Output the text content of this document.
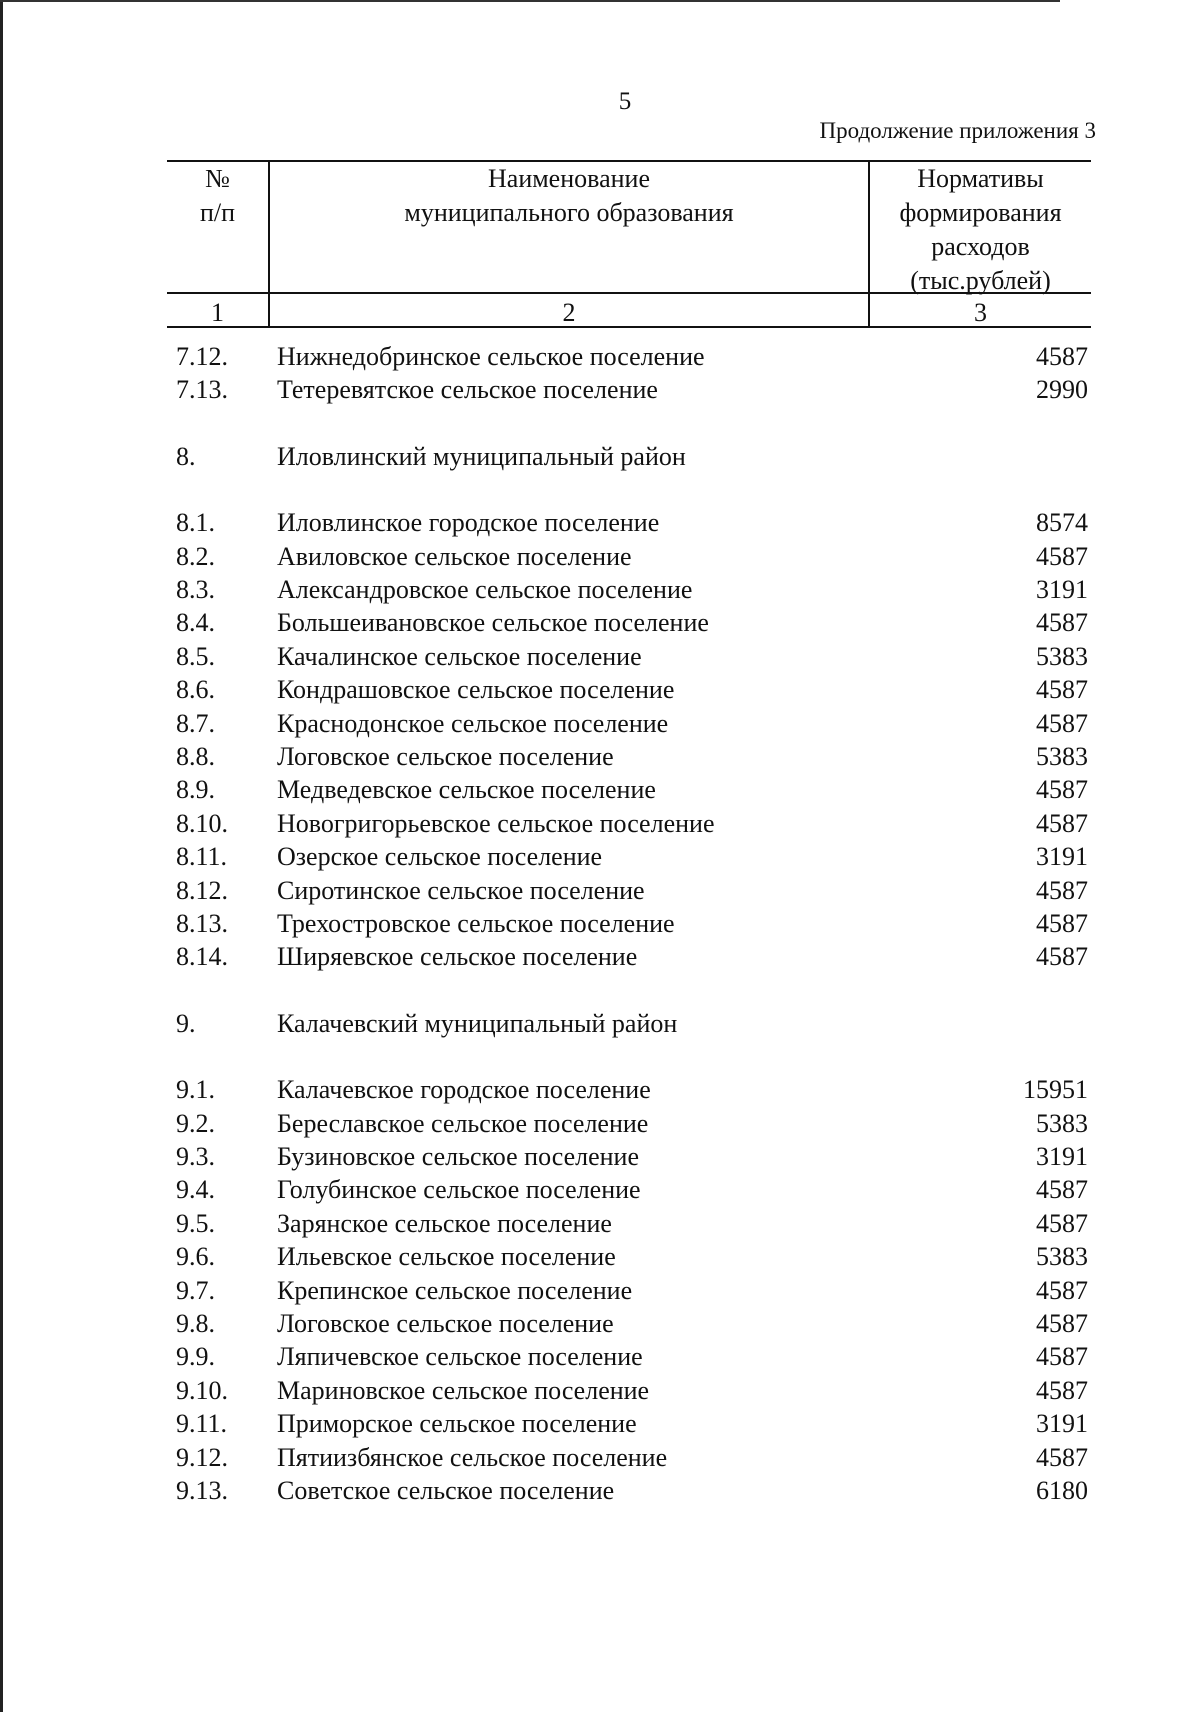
5
Продолжение приложения 3
№
п/п
Наименование
муниципального образования
Нормативы
формирования
расходов
(тыс.рублей)
1	2	3
7.12. Нижнедобринское сельское поселение	4587
7.13. Тетеревятское сельское поселение	2990
8.	Иловлинский муниципальный район
8.1. Иловлинское городское поселение	8574
8.2. Авиловское сельское поселение	4587
8.3. Александровское сельское поселение	3191
8.4. Большеивановское сельское поселение	4587
8.5. Качалинское сельское поселение	5383
8.6. Кондрашовское сельское поселение	4587
8.7. Краснодонское сельское поселение	4587
8.8. Логовское сельское поселение	5383
8.9. Медведевское сельское поселение	4587
8.10. Новогригорьевское сельское поселение	4587
8.11. Озерское сельское поселение	3191
8.12. Сиротинское сельское поселение	4587
8.13. Трехостровское сельское поселение	4587
8.14. Ширяевское сельское поселение	4587
9.	Калачевский муниципальный район
9.1. Калачевское городское поселение	15951
9.2. Береславское сельское поселение	5383
9.3. Бузиновское сельское поселение	3191
9.4. Голубинское сельское поселение	4587
9.5. Зарянское сельское поселение	4587
9.6. Ильевское сельское поселение	5383
9.7. Крепинское сельское поселение	4587
9.8. Логовское сельское поселение	4587
9.9. Ляпичевское сельское поселение	4587
9.10. Мариновское сельское поселение	4587
9.11. Приморское сельское поселение	3191
9.12. Пятиизбянское сельское поселение	4587
9.13. Советское сельское поселение	6180
